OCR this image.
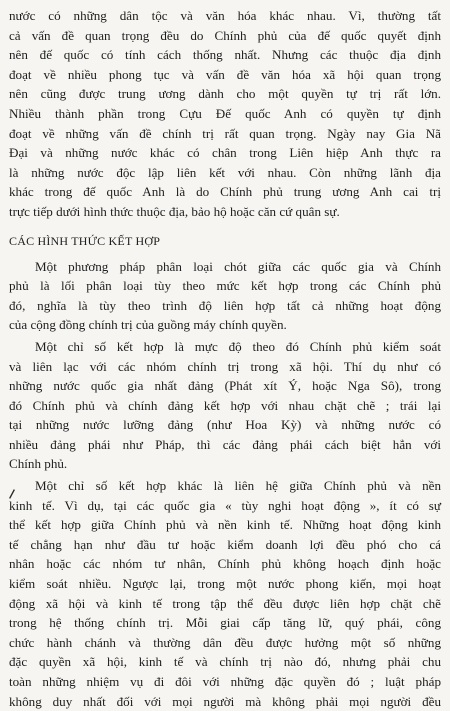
nước có những dân tộc và văn hóa khác nhau. Vì, thường tất
cả vấn đề quan trọng đều do Chính phủ của đế quốc quyết định
nên đế quốc có tính cách thống nhất. Nhưng các thuộc địa định
đoạt về nhiều phong tục và vấn đề văn hóa xã hội quan trọng
nên cũng được trung ương dành cho một quyền tự trị rất lớn.
Nhiều thành phần trong Cựu Đế quốc Anh có quyền tự định
đoạt về những vấn đề chính trị rất quan trọng. Ngày nay Gia Nã
Đại và những nước khác có chân trong Liên hiệp Anh thực ra
là những nước độc lập liên kết với nhau. Còn những lãnh địa
khác trong đế quốc Anh là do Chính phủ trung ương Anh cai trị
trực tiếp dưới hình thức thuộc địa, bảo hộ hoặc căn cứ quân sự.

CÁC HÌNH THỨC KẾT HỢP

Một phương pháp phân loại chót giữa các quốc gia và Chính
phủ là lối phân loại tùy theo mức kết hợp trong các Chính phủ
đó, nghĩa là tùy theo trình độ liên hợp tất cả những hoạt động
của cộng đồng chính trị của guồng máy chính quyền.

Một chỉ số kết hợp là mực độ theo đó Chính phủ kiểm soát
và liên lạc với các nhóm chính trị trong xã hội. Thí dụ như có
những nước quốc gia nhất đảng (Phát xít Ý, hoặc Nga Sô), trong
đó Chính phủ và chính đảng kết hợp với nhau chặt chẽ ; trái lại
tại những nước lưỡng đảng (như Hoa Kỳ) và những nước có
nhiều đảng phái như Pháp, thì các đảng phái cách biệt hẳn với
Chính phủ.

Một chỉ số kết hợp khác là liên hệ giữa Chính phủ và nền
kinh tế. Vì dụ, tại các quốc gia « tùy nghi hoạt động », ít có sự
thể kết hợp giữa Chính phủ và nền kinh tế. Những hoạt động kinh
tế chẳng hạn như đầu tư hoặc kiểm doanh lợi đều phó cho cá
nhân hoặc các nhóm tư nhân, Chính phủ không hoạch định hoặc
kiểm soát nhiều. Ngược lại, trong một nước phong kiến, mọi hoạt
động xã hội và kinh tế trong tập thể đều được liên hợp chặt chẽ
trong hệ thống chính trị. Mỗi giai cấp tăng lữ, quý phái, công
chức hành chánh và thường dân đều được hưởng một số những
đặc quyền xã hội, kinh tế và chính trị nào đó, nhưng phải chu
toàn những nhiệm vụ đi đôi với những đặc quyền đó ; luật pháp
không duy nhất đối với mọi người mà không phải mọi người đều
